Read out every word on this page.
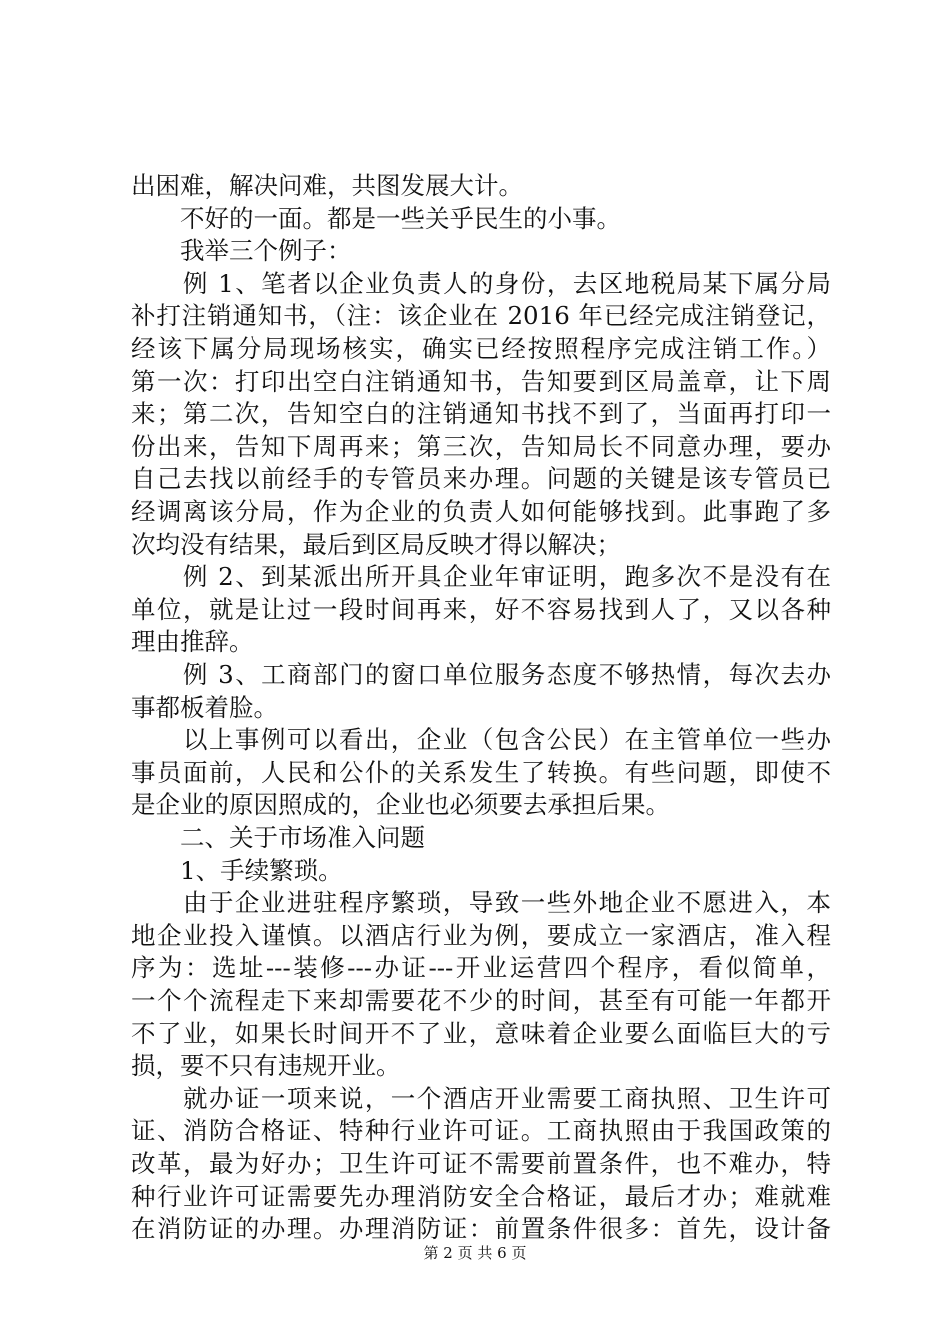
出困难，解决问难，共图发展大计。
　　不好的一面。都是一些关乎民生的小事。
　　我举三个例子：
　　例 1、笔者以企业负责人的身份，去区地税局某下属分局
补打注销通知书，（注：该企业在 2016 年已经完成注销登记，
经该下属分局现场核实，确实已经按照程序完成注销工作。）
第一次：打印出空白注销通知书，告知要到区局盖章，让下周
来；第二次，告知空白的注销通知书找不到了，当面再打印一
份出来，告知下周再来；第三次，告知局长不同意办理，要办
自己去找以前经手的专管员来办理。问题的关键是该专管员已
经调离该分局，作为企业的负责人如何能够找到。此事跑了多
次均没有结果，最后到区局反映才得以解决；
　　例 2、到某派出所开具企业年审证明，跑多次不是没有在
单位，就是让过一段时间再来，好不容易找到人了，又以各种
理由推辞。
　　例 3、工商部门的窗口单位服务态度不够热情，每次去办
事都板着脸。
　　以上事例可以看出，企业（包含公民）在主管单位一些办
事员面前，人民和公仆的关系发生了转换。有些问题，即使不
是企业的原因照成的，企业也必须要去承担后果。
　　二、关于市场准入问题
　　1、手续繁琐。
　　由于企业进驻程序繁琐，导致一些外地企业不愿进入，本
地企业投入谨慎。以酒店行业为例，要成立一家酒店，准入程
序为：选址---装修---办证---开业运营四个程序，看似简单，
一个个流程走下来却需要花不少的时间，甚至有可能一年都开
不了业，如果长时间开不了业，意味着企业要么面临巨大的亏
损，要不只有违规开业。
　　就办证一项来说，一个酒店开业需要工商执照、卫生许可
证、消防合格证、特种行业许可证。工商执照由于我国政策的
改革，最为好办；卫生许可证不需要前置条件，也不难办，特
种行业许可证需要先办理消防安全合格证，最后才办；难就难
在消防证的办理。办理消防证：前置条件很多：首先，设计备
第 2 页 共 6 页
